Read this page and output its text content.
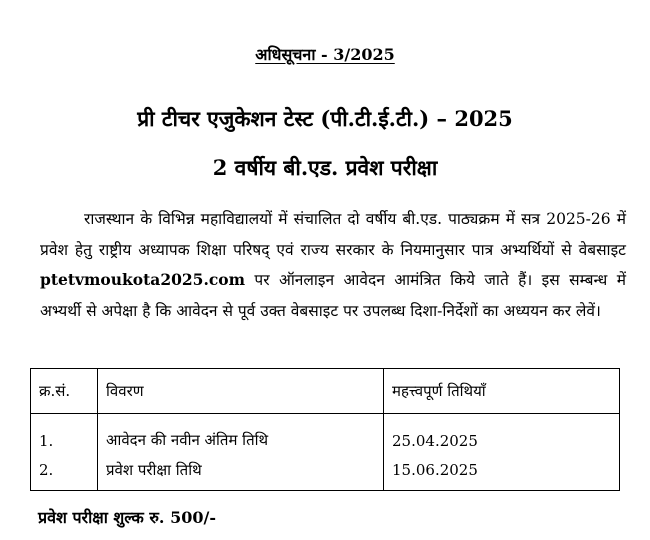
अधिसूचना - 3/2025
प्री टीचर एजुकेशन टेस्ट (पी.टी.ई.टी.) – 2025
2 वर्षीय बी.एड. प्रवेश परीक्षा

राजस्थान के विभिन्न महाविद्यालयों में संचालित दो वर्षीय बी.एड. पाठ्यक्रम में सत्र 2025-26 में प्रवेश हेतु राष्ट्रीय अध्यापक शिक्षा परिषद् एवं राज्य सरकार के नियमानुसार पात्र अभ्यर्थियों से वेबसाइट ptetvmoukota2025.com पर ऑनलाइन आवेदन आमंत्रित किये जाते हैं। इस सम्बन्ध में अभ्यर्थी से अपेक्षा है कि आवेदन से पूर्व उक्त वेबसाइट पर उपलब्ध दिशा-निर्देशों का अध्ययन कर लेवें।

क्र.सं.	विवरण	महत्त्वपूर्ण तिथियाँ
1.	आवेदन की नवीन अंतिम तिथि	25.04.2025
2.	प्रवेश परीक्षा तिथि	15.06.2025
प्रवेश परीक्षा शुल्क रु. 500/-
